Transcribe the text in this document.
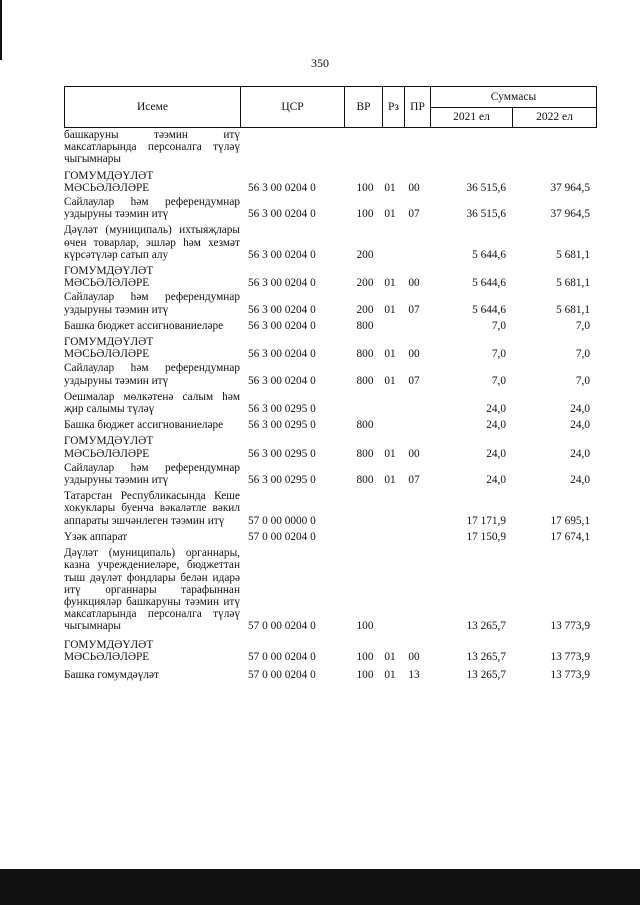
350
Исеме	ЦСР	ВР	Рз	ПР	Суммасы	
					2021 ел	2022 ел
башкаруны тәэмин итү максатларында персоналга түләү чыгымнары
ГОМУМДӘҮЛӘТ МӘСЬӘЛӘЛӘРЕ	56 3 00 0204 0	100 01	00	36 515,6	37 964,5
Сайлаулар һәм референдумнар уздыруны тәэмин итү	56 3 00 0204 0	100 01	07	36 515,6	37 964,5
Дәүләт (муниципаль) ихтыяҗлары өчен товарлар, эшләр һәм хезмәт күрсәтүләр сатып алу	56 3 00 0204 0	200	5 644,6	5 681,1
ГОМУМДӘҮЛӘТ МӘСЬӘЛӘЛӘРЕ	56 3 00 0204 0	200 01	00	5 644,6	5 681,1
Сайлаулар һәм референдумнар уздыруны тәэмин итү	56 3 00 0204 0	200 01	07	5 644,6	5 681,1
Башка бюджет ассигнованиеләре	56 3 00 0204 0	800	7,0	7,0
ГОМУМДӘҮЛӘТ МӘСЬӘЛӘЛӘРЕ	56 3 00 0204 0	800 01	00	7,0	7,0
Сайлаулар һәм референдумнар уздыруны тәэмин итү	56 3 00 0204 0	800 01	07	7,0	7,0
Оешмалар мөлкәтенә салым һәм җир салымы түләү	56 3 00 0295 0	24,0	24,0
Башка бюджет ассигнованиеләре	56 3 00 0295 0	800	24,0	24,0
ГОМУМДӘҮЛӘТ МӘСЬӘЛӘЛӘРЕ	56 3 00 0295 0	800 01	00	24,0	24,0
Сайлаулар һәм референдумнар уздыруны тәэмин итү	56 3 00 0295 0	800 01	07	24,0	24,0
Татарстан Республикасында Кеше хокуклары буенча вәкаләтле вәкил аппараты эшчәнлеген тәэмин итү	57 0 00 0000 0	17 171,9	17 695,1
Үзәк аппарат	57 0 00 0204 0	17 150,9	17 674,1
Дәүләт (муниципаль) органнары, казна учреждениеләре, бюджеттан тыш дәүләт фондлары белән идарә итү органнары тарафыннан функцияләр башкаруны тәэмин итү максатларында персоналга түләү чыгымнары	57 0 00 0204 0	100	13 265,7	13 773,9
ГОМУМДӘҮЛӘТ МӘСЬӘЛӘЛӘРЕ	57 0 00 0204 0	100 01	00	13 265,7	13 773,9
Башка гомумдәүләт	57 0 00 0204 0	100 01	13	13 265,7	13 773,9
